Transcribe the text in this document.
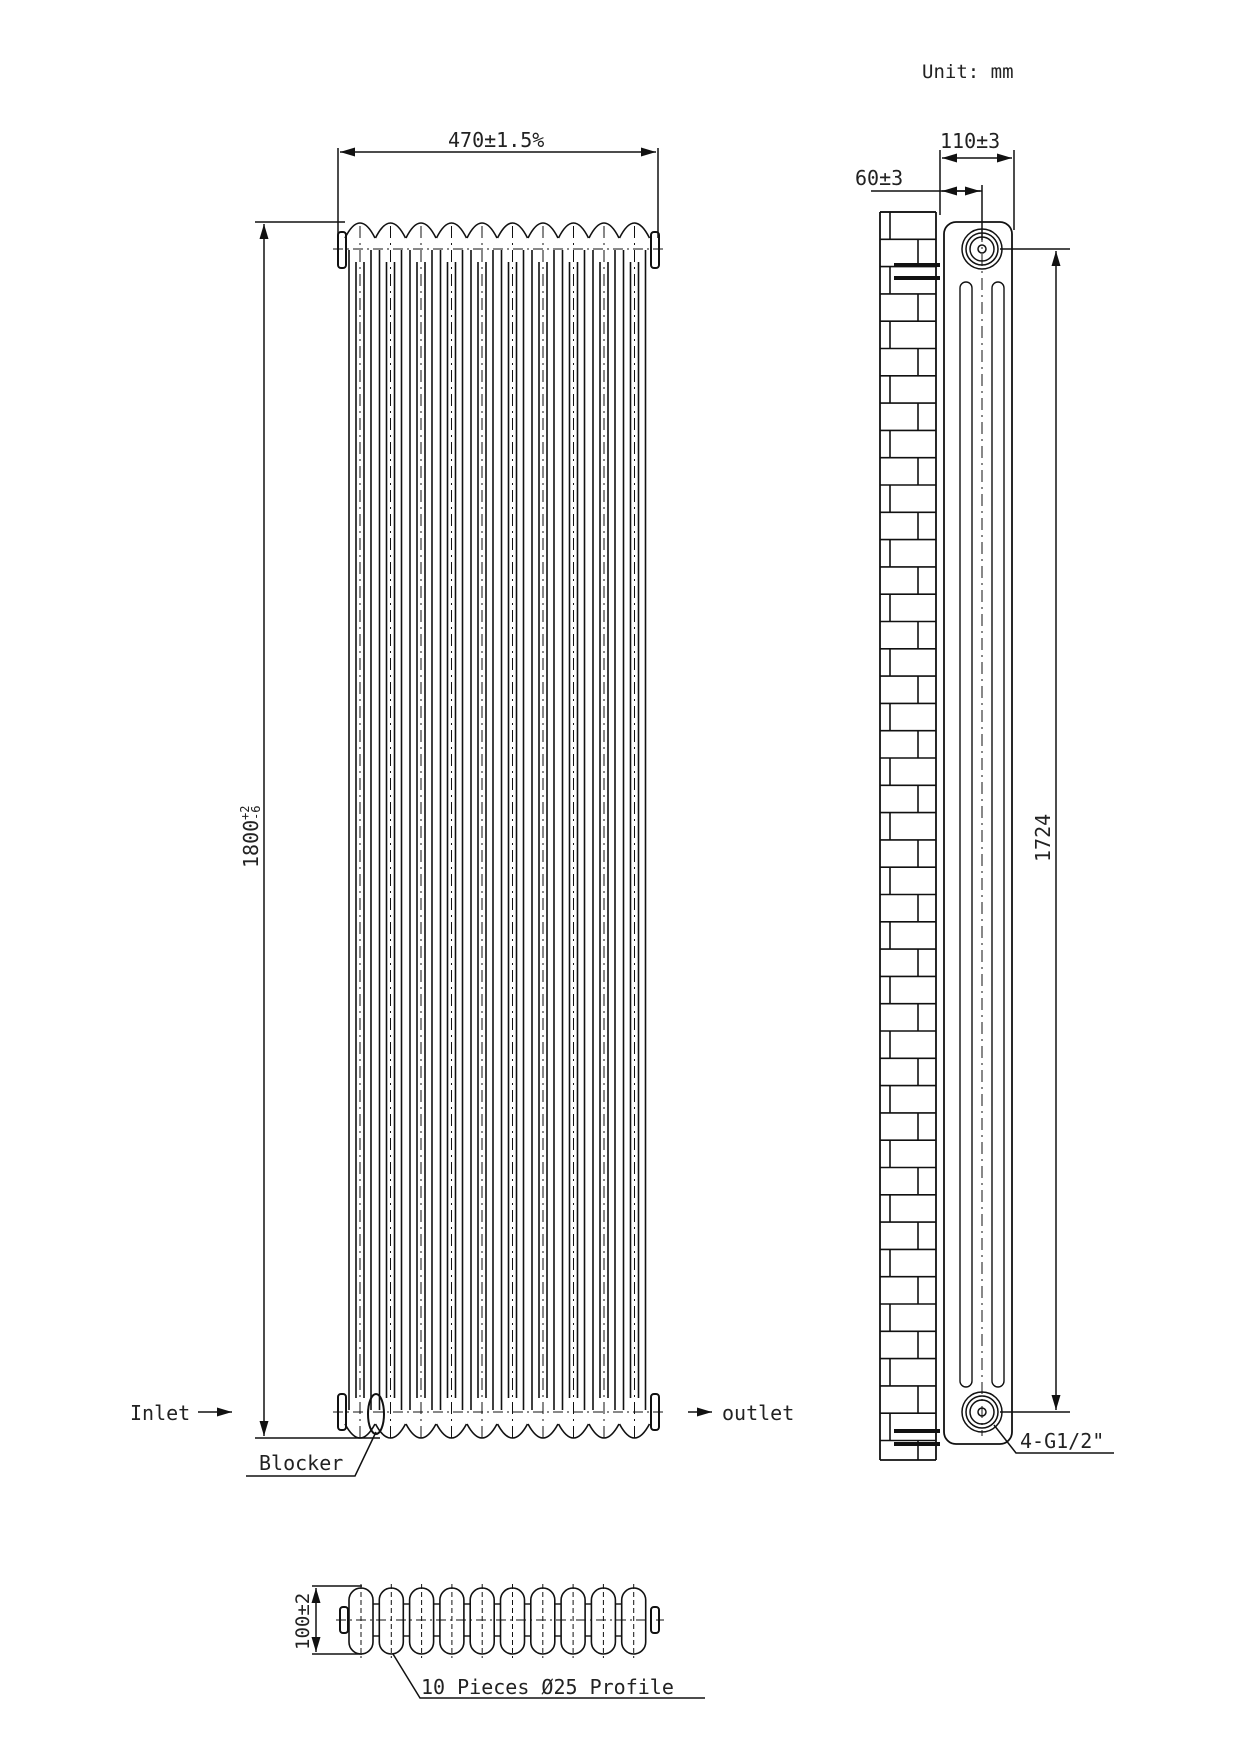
Unit: mm
470±1.5%
1800
+2
-6
Inlet	outlet
Blocker
110±3
60±3
1724
4-G1/2"
100±2
10 Pieces Ø25 Profile
